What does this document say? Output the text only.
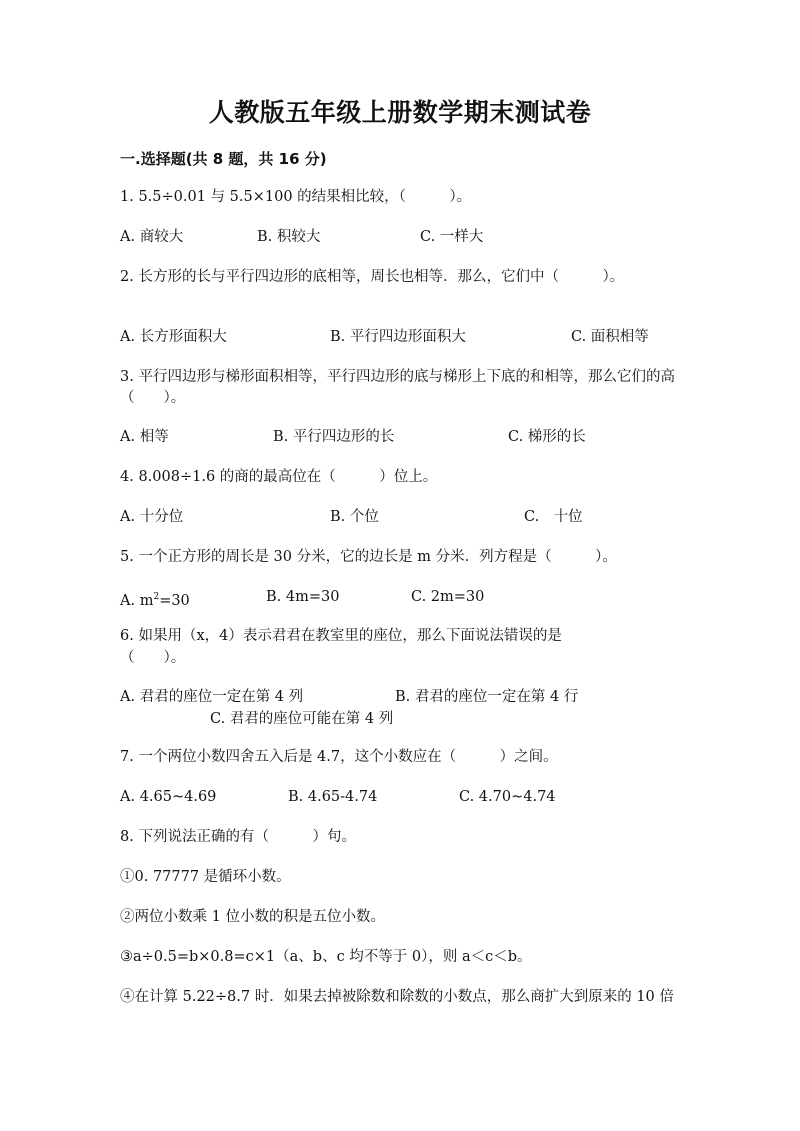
人教版五年级上册数学期末测试卷
一.选择题(共 8 题，共 16 分)
1. 5.5÷0.01 与 5.5×100 的结果相比较，（　　　）。
A. 商较大	B. 积较大	C. 一样大
2. 长方形的长与平行四边形的底相等，周长也相等．那么，它们中（　　　）。
A. 长方形面积大	B. 平行四边形面积大	C. 面积相等
3. 平行四边形与梯形面积相等，平行四边形的底与梯形上下底的和相等，那么它们的高（　　）。
A. 相等	B. 平行四边形的长	C. 梯形的长
4. 8.008÷1.6 的商的最高位在（　　　）位上。
A. 十分位	B. 个位	C.　十位
5. 一个正方形的周长是 30 分米，它的边长是 m 分米．列方程是（　　　）。
A. $m^2=30$	B. 4m=30	C. 2m=30
6. 如果用（x，4）表示君君在教室里的座位，那么下面说法错误的是
（　　）。
A. 君君的座位一定在第 4 列	B. 君君的座位一定在第 4 行
C. 君君的座位可能在第 4 列
7. 一个两位小数四舍五入后是 4.7，这个小数应在（　　　）之间。
A. 4.65~4.69	B. 4.65-4.74	C. 4.70~4.74
8. 下列说法正确的有（　　　）句。
①0. 77777 是循环小数。
②两位小数乘 1 位小数的积是五位小数。
③a÷0.5=b×0.8=c×1（a、b、c 均不等于 0），则 a＜c＜b。
④在计算 5.22÷8.7 时．如果去掉被除数和除数的小数点，那么商扩大到原来的 10 倍
